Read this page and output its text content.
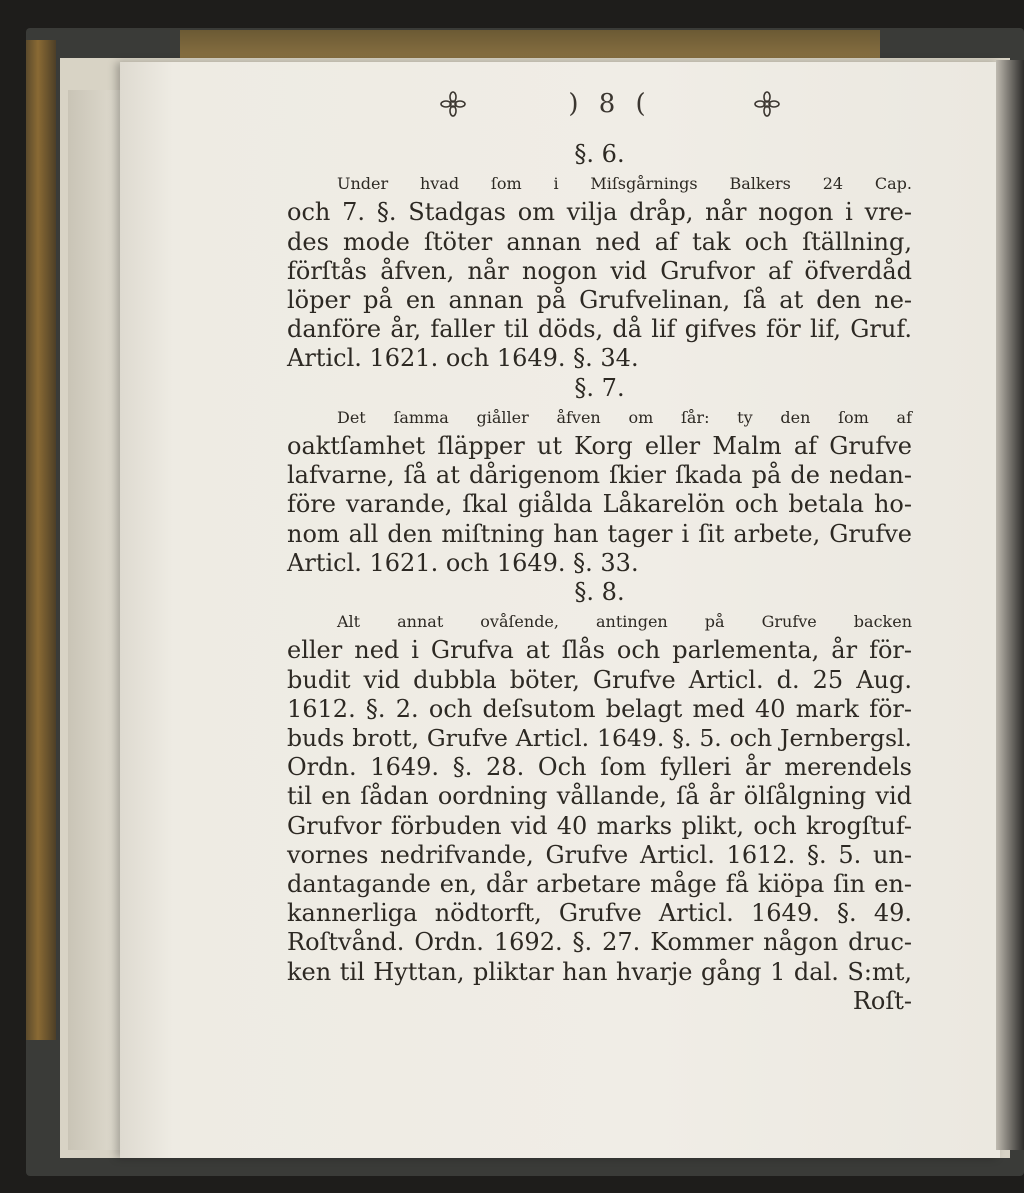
) 8 (

§. 6.

Under hvad ſom i Miſsgårnings Balkers 24 Cap.
och 7. §. Stadgas om vilja dråp, når nogon i vre-
des mode ſtöter annan ned af tak och ſtällning,
förſtås åfven, når nogon vid Grufvor af öfverdåd
löper på en annan på Grufvelinan, ſå at den ne-
danföre år, faller til döds, då lif gifves för lif, Gruf.
Articl. 1621. och 1649. §. 34.

§. 7.

Det ſamma giåller åfven om ſår: ty den ſom af
oaktſamhet ſläpper ut Korg eller Malm af Grufve
lafvarne, ſå at dårigenom ſkier ſkada på de nedan-
före varande, ſkal giålda Låkarelön och betala ho-
nom all den miſtning han tager i ſit arbete, Grufve
Articl. 1621. och 1649. §. 33.

§. 8.

Alt annat ovåſende, antingen på Grufve backen
eller ned i Grufva at ſlås och parlementa, år för-
budit vid dubbla böter, Grufve Articl. d. 25 Aug.
1612. §. 2. och deſsutom belagt med 40 mark för-
buds brott, Grufve Articl. 1649. §. 5. och Jernbergsl.
Ordn. 1649. §. 28. Och ſom fylleri år merendels
til en ſådan oordning vållande, ſå år ölſålgning vid
Grufvor förbuden vid 40 marks plikt, och krogſtuf-
vornes nedrifvande, Grufve Articl. 1612. §. 5. un-
dantagande en, dår arbetare måge få kiöpa ſin en-
kannerliga nödtorft, Grufve Articl. 1649. §. 49.
Roſtvånd. Ordn. 1692. §. 27. Kommer någon druc-
ken til Hyttan, pliktar han hvarje gång 1 dal. S:mt,

Roſt-
